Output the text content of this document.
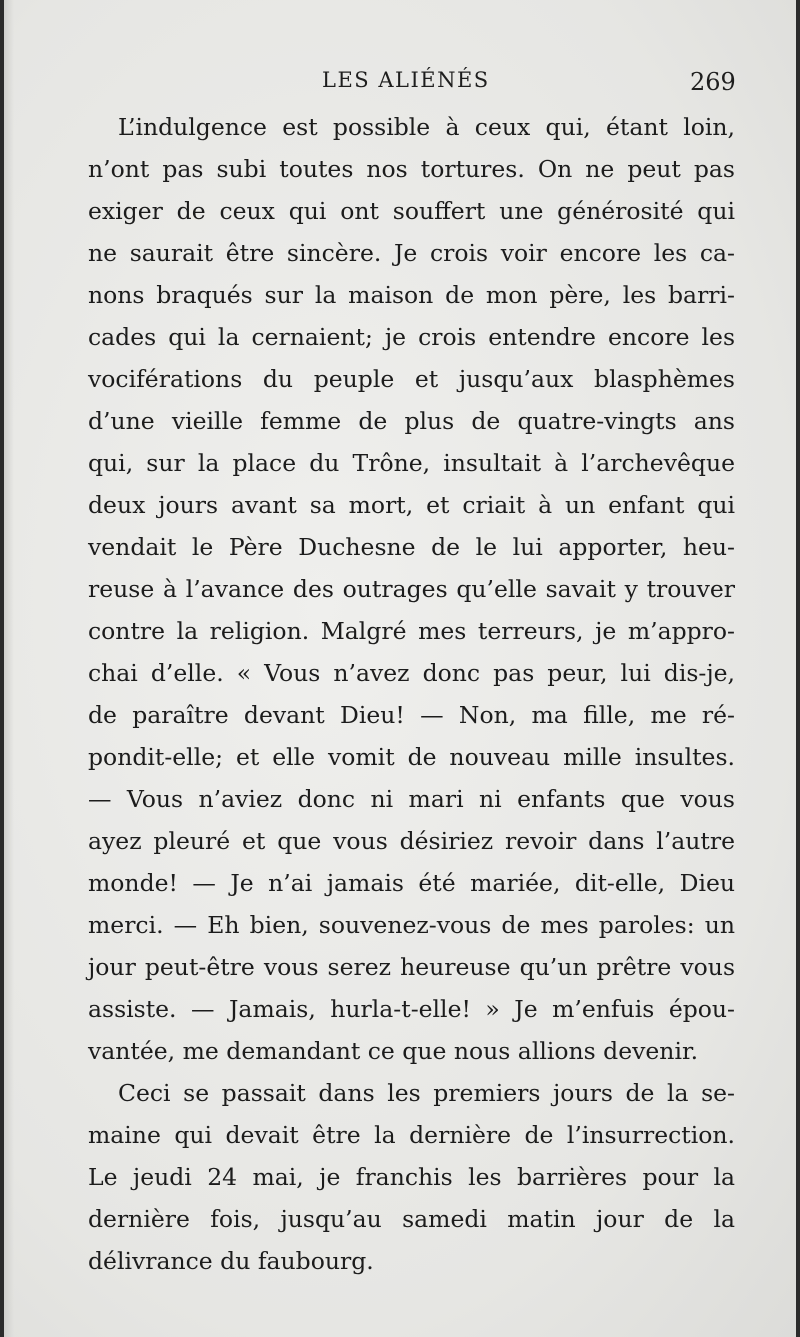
LES ALIÉNÉS	269
L’indulgence est possible à ceux qui, étant loin,
n’ont pas subi toutes nos tortures. On ne peut pas
exiger de ceux qui ont souffert une générosité qui
ne saurait être sincère. Je crois voir encore les ca-
nons braqués sur la maison de mon père, les barri-
cades qui la cernaient; je crois entendre encore les
vociférations du peuple et jusqu’aux blasphèmes
d’une vieille femme de plus de quatre-vingts ans
qui, sur la place du Trône, insultait à l’archevêque
deux jours avant sa mort, et criait à un enfant qui
vendait le Père Duchesne de le lui apporter, heu-
reuse à l’avance des outrages qu’elle savait y trouver
contre la religion. Malgré mes terreurs, je m’appro-
chai d’elle. « Vous n’avez donc pas peur, lui dis-je,
de paraître devant Dieu! — Non, ma fille, me ré-
pondit-elle; et elle vomit de nouveau mille insultes.
— Vous n’aviez donc ni mari ni enfants que vous
ayez pleuré et que vous désiriez revoir dans l’autre
monde! — Je n’ai jamais été mariée, dit-elle, Dieu
merci. — Eh bien, souvenez-vous de mes paroles: un
jour peut-être vous serez heureuse qu’un prêtre vous
assiste. — Jamais, hurla-t-elle! » Je m’enfuis épou-
vantée, me demandant ce que nous allions devenir.
Ceci se passait dans les premiers jours de la se-
maine qui devait être la dernière de l’insurrection.
Le jeudi 24 mai, je franchis les barrières pour la
dernière fois, jusqu’au samedi matin jour de la
délivrance du faubourg.
